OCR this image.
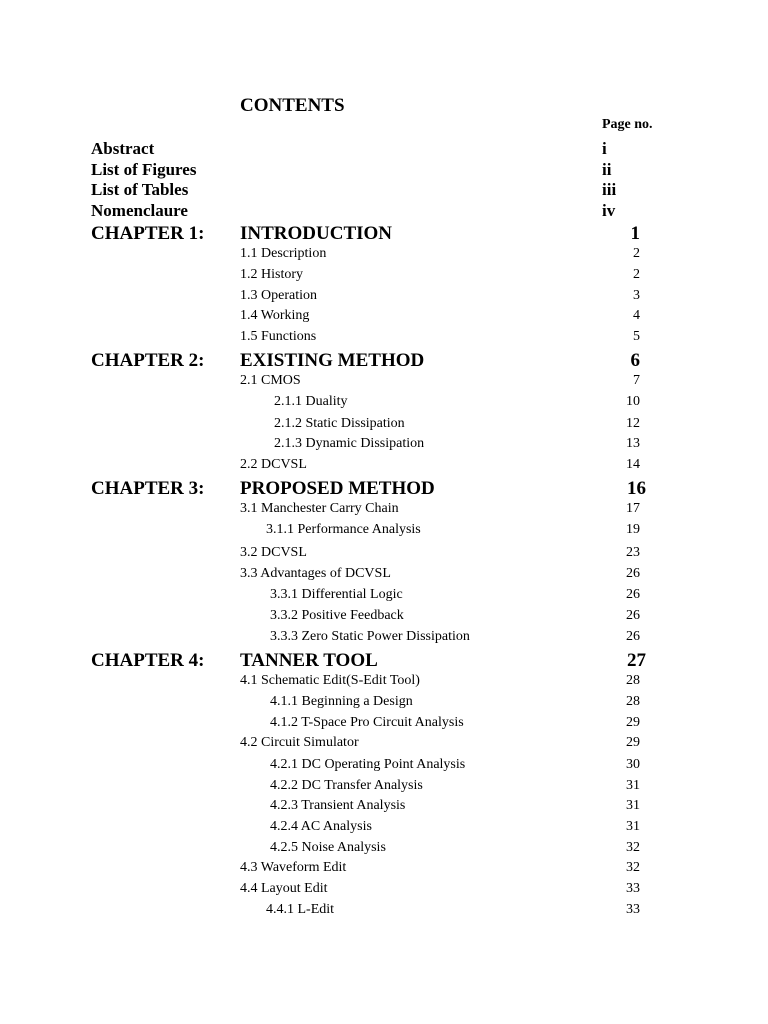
CONTENTS
Page no.
Abstract	i
List of Figures	ii
List of Tables	iii
Nomenclaure	iv
CHAPTER 1: INTRODUCTION	1
1.1 Description	2
1.2 History	2
1.3 Operation	3
1.4 Working	4
1.5 Functions	5
CHAPTER 2: EXISTING METHOD	6
2.1 CMOS	7
2.1.1 Duality	10
2.1.2 Static Dissipation	12
2.1.3 Dynamic Dissipation	13
2.2 DCVSL	14
CHAPTER 3: PROPOSED METHOD	16
3.1 Manchester Carry Chain	17
3.1.1 Performance Analysis	19
3.2 DCVSL	23
3.3 Advantages of DCVSL	26
3.3.1 Differential Logic	26
3.3.2 Positive Feedback	26
3.3.3 Zero Static Power Dissipation	26
CHAPTER 4: TANNER TOOL	27
4.1 Schematic Edit(S-Edit Tool)	28
4.1.1 Beginning a Design	28
4.1.2 T-Space Pro Circuit Analysis	29
4.2 Circuit Simulator	29
4.2.1 DC Operating Point Analysis	30
4.2.2 DC Transfer Analysis	31
4.2.3 Transient Analysis	31
4.2.4 AC Analysis	31
4.2.5 Noise Analysis	32
4.3 Waveform Edit	32
4.4 Layout Edit	33
4.4.1 L-Edit	33
